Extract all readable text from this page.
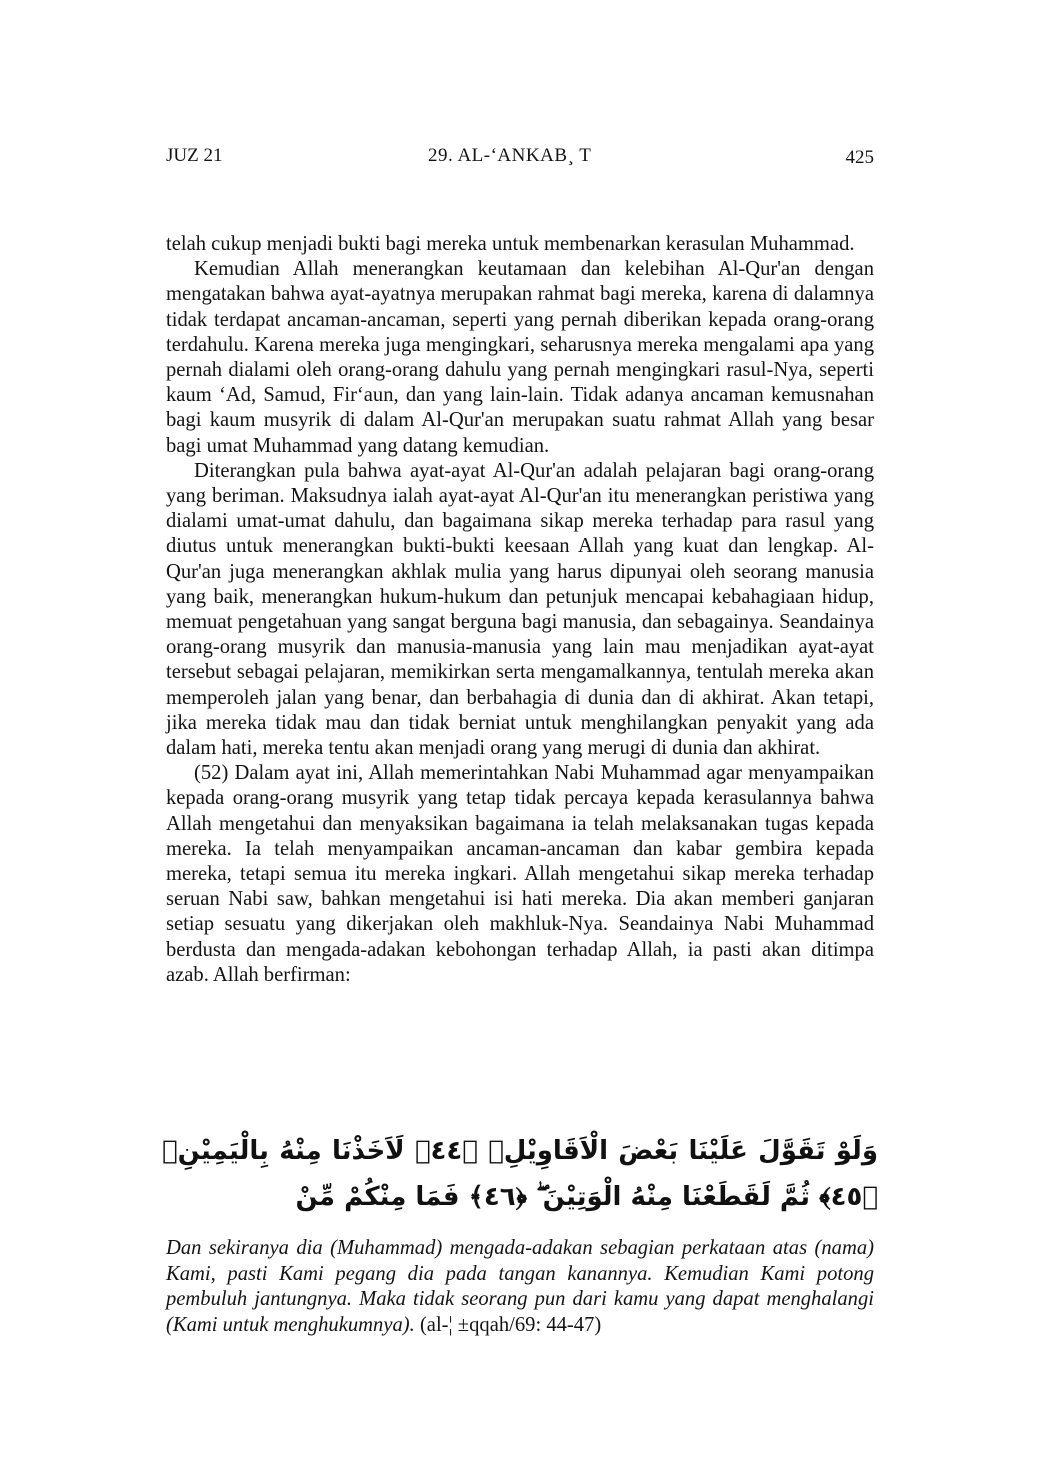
JUZ 21	29. AL-‘ANKAB¸ T	425

telah cukup menjadi bukti bagi mereka untuk membenarkan kerasulan Muhammad.

Kemudian Allah menerangkan keutamaan dan kelebihan Al-Qur'an dengan mengatakan bahwa ayat-ayatnya merupakan rahmat bagi mereka, karena di dalamnya tidak terdapat ancaman-ancaman, seperti yang pernah diberikan kepada orang-orang terdahulu. Karena mereka juga mengingkari, seharusnya mereka mengalami apa yang pernah dialami oleh orang-orang dahulu yang pernah mengingkari rasul-Nya, seperti kaum ‘Ad, Samud, Fir‘aun, dan yang lain-lain. Tidak adanya ancaman kemusnahan bagi kaum musyrik di dalam Al-Qur'an merupakan suatu rahmat Allah yang besar bagi umat Muhammad yang datang kemudian.

Diterangkan pula bahwa ayat-ayat Al-Qur'an adalah pelajaran bagi orang-orang yang beriman. Maksudnya ialah ayat-ayat Al-Qur'an itu menerangkan peristiwa yang dialami umat-umat dahulu, dan bagaimana sikap mereka terhadap para rasul yang diutus untuk menerangkan bukti-bukti keesaan Allah yang kuat dan lengkap. Al-Qur'an juga menerangkan akhlak mulia yang harus dipunyai oleh seorang manusia yang baik, menerangkan hukum-hukum dan petunjuk mencapai kebahagiaan hidup, memuat pengetahuan yang sangat berguna bagi manusia, dan sebagainya. Seandainya orang-orang musyrik dan manusia-manusia yang lain mau menjadikan ayat-ayat tersebut sebagai pelajaran, memikirkan serta mengamalkannya, tentulah mereka akan memperoleh jalan yang benar, dan berbahagia di dunia dan di akhirat. Akan tetapi, jika mereka tidak mau dan tidak berniat untuk menghilangkan penyakit yang ada dalam hati, mereka tentu akan menjadi orang yang merugi di dunia dan akhirat.

(52) Dalam ayat ini, Allah memerintahkan Nabi Muhammad agar menyampaikan kepada orang-orang musyrik yang tetap tidak percaya kepada kerasulannya bahwa Allah mengetahui dan menyaksikan bagaimana ia telah melaksanakan tugas kepada mereka. Ia telah menyampaikan ancaman-ancaman dan kabar gembira kepada mereka, tetapi semua itu mereka ingkari. Allah mengetahui sikap mereka terhadap seruan Nabi saw, bahkan mengetahui isi hati mereka. Dia akan memberi ganjaran setiap sesuatu yang dikerjakan oleh makhluk-Nya. Seandainya Nabi Muhammad berdusta dan mengada-adakan kebohongan terhadap Allah, ia pasti akan ditimpa azab. Allah berfirman:

وَلَوْ تَقَوَّلَ عَلَيْنَا بَعْضَ الْاَقَاوِيْلِۙ ﴿٤٤﴾ لَاَخَذْنَا مِنْهُ بِالْيَمِيْنِۙ ﴿٤٥﴾ ثُمَّ لَقَطَعْنَا مِنْهُ الْوَتِيْنَ ۖ ﴿٤٦﴾ فَمَا مِنْكُمْ مِّنْ
Dan sekiranya dia (Muhammad) mengada-adakan sebagian perkataan atas (nama) Kami, pasti Kami pegang dia pada tangan kanannya. Kemudian Kami potong pembuluh jantungnya. Maka tidak seorang pun dari kamu yang dapat menghalangi (Kami untuk menghukumnya). (al-¦ ±qqah/69: 44-47)
